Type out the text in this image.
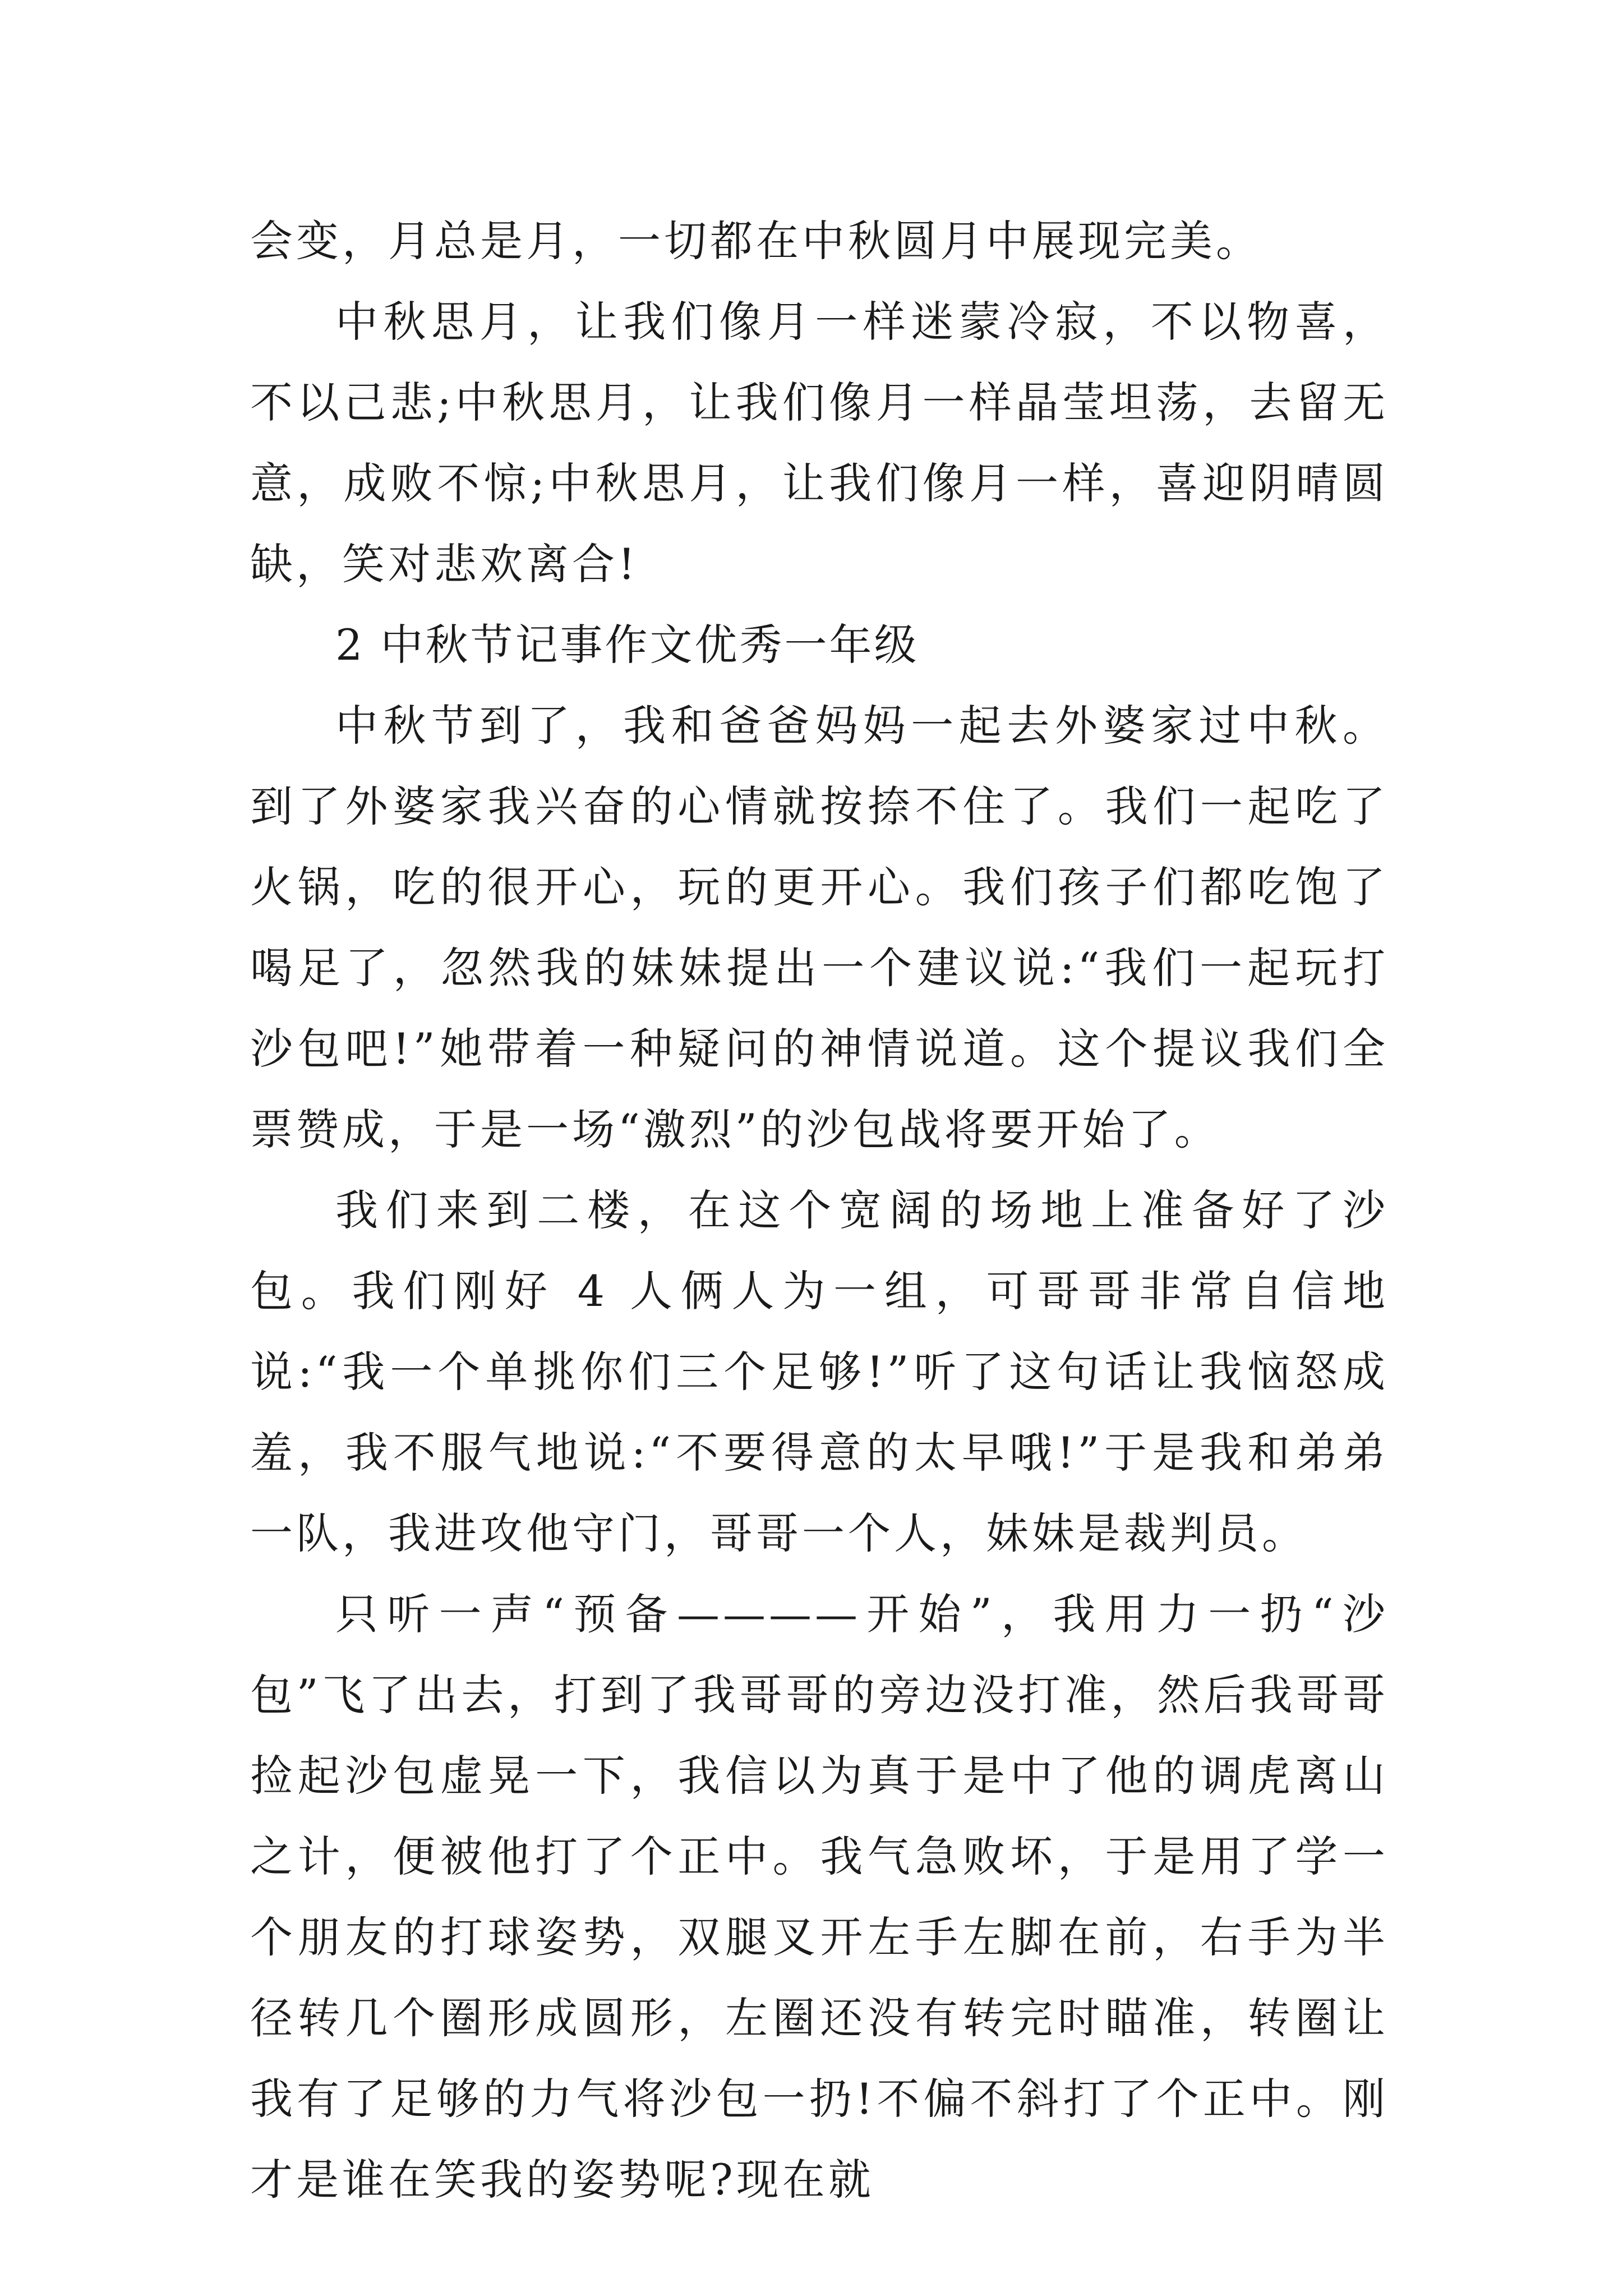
会变，月总是月，一切都在中秋圆月中展现完美。

中秋思月，让我们像月一样迷蒙冷寂，不以物喜，不以己悲;中秋思月，让我们像月一样晶莹坦荡，去留无意，成败不惊;中秋思月，让我们像月一样，喜迎阴晴圆缺，笑对悲欢离合!

2 中秋节记事作文优秀一年级

中秋节到了，我和爸爸妈妈一起去外婆家过中秋。到了外婆家我兴奋的心情就按捺不住了。我们一起吃了火锅，吃的很开心，玩的更开心。我们孩子们都吃饱了喝足了，忽然我的妹妹提出一个建议说:“我们一起玩打沙包吧!”她带着一种疑问的神情说道。这个提议我们全票赞成，于是一场“激烈”的沙包战将要开始了。

我们来到二楼，在这个宽阔的场地上准备好了沙包。我们刚好 4 人俩人为一组，可哥哥非常自信地说:“我一个单挑你们三个足够!”听了这句话让我恼怒成羞，我不服气地说:“不要得意的太早哦!”于是我和弟弟一队，我进攻他守门，哥哥一个人，妹妹是裁判员。

只听一声“预备————开始”，我用力一扔“沙包”飞了出去，打到了我哥哥的旁边没打准，然后我哥哥捡起沙包虚晃一下，我信以为真于是中了他的调虎离山之计，便被他打了个正中。我气急败坏，于是用了学一个朋友的打球姿势，双腿叉开左手左脚在前，右手为半径转几个圈形成圆形，左圈还没有转完时瞄准，转圈让我有了足够的力气将沙包一扔!不偏不斜打了个正中。刚才是谁在笑我的姿势呢?现在就
